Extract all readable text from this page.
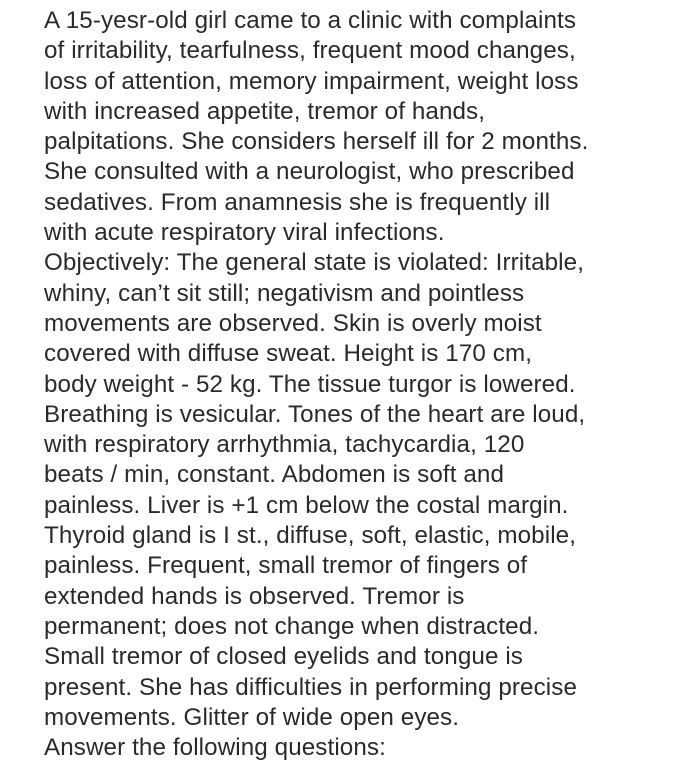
A 15-yesr-old girl came to a clinic with complaints
of irritability, tearfulness, frequent mood changes,
loss of attention, memory impairment, weight loss
with increased appetite, tremor of hands,
palpitations. She considers herself ill for 2 months.
She consulted with a neurologist, who prescribed
sedatives. From anamnesis she is frequently ill
with acute respiratory viral infections.
Objectively: The general state is violated: Irritable,
whiny, can’t sit still; negativism and pointless
movements are observed. Skin is overly moist
covered with diffuse sweat. Height is 170 cm,
body weight - 52 kg. The tissue turgor is lowered.
Breathing is vesicular. Tones of the heart are loud,
with respiratory arrhythmia, tachycardia, 120
beats / min, constant. Abdomen is soft and
painless. Liver is +1 cm below the costal margin.
Thyroid gland is I st., diffuse, soft, elastic, mobile,
painless. Frequent, small tremor of fingers of
extended hands is observed. Tremor is
permanent; does not change when distracted.
Small tremor of closed eyelids and tongue is
present. She has difficulties in performing precise
movements. Glitter of wide open eyes.
Answer the following questions:
